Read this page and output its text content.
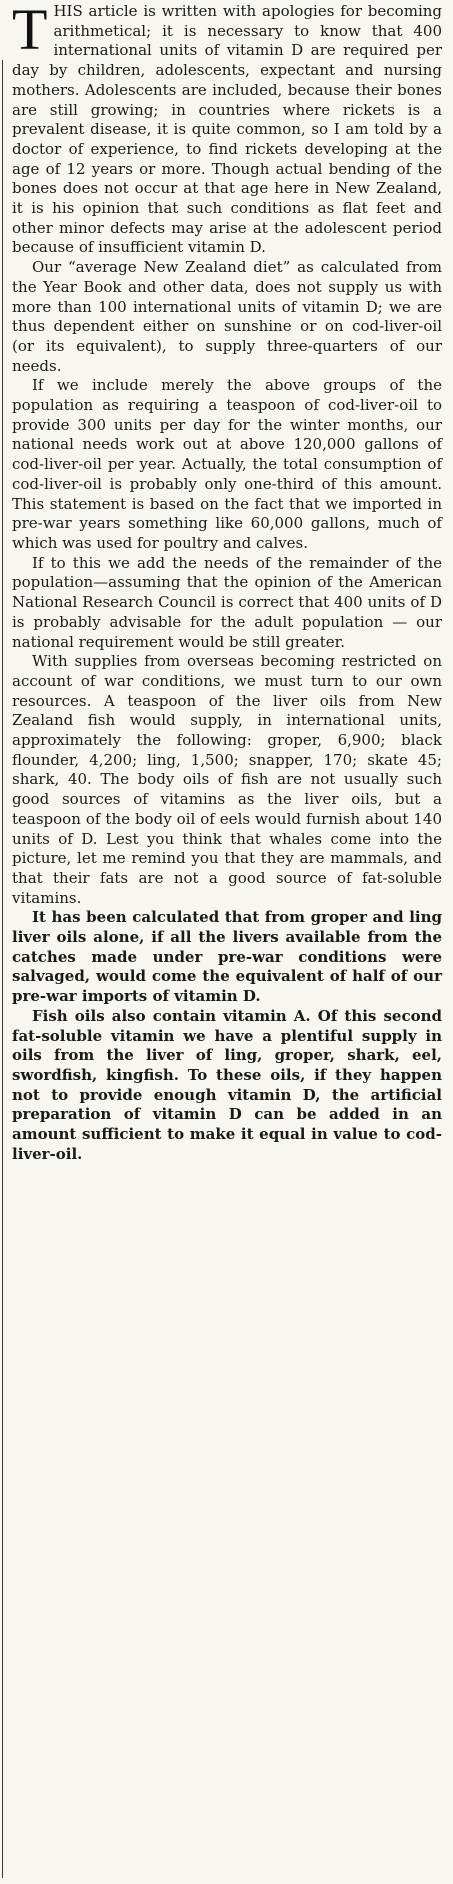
THIS article is written with apologies for becoming arithmetical; it is necessary to know that 400 international units of vitamin D are required per day by children, adolescents, expectant and nursing mothers. Adolescents are included, because their bones are still growing; in countries where rickets is a prevalent disease, it is quite common, so I am told by a doctor of experience, to find rickets developing at the age of 12 years or more. Though actual bending of the bones does not occur at that age here in New Zealand, it is his opinion that such conditions as flat feet and other minor defects may arise at the adolescent period because of insufficient vitamin D.

Our “average New Zealand diet” as calculated from the Year Book and other data, does not supply us with more than 100 international units of vitamin D; we are thus dependent either on sunshine or on cod-liver-oil (or its equivalent), to supply three-quarters of our needs.

If we include merely the above groups of the population as requiring a teaspoon of cod-liver-oil to provide 300 units per day for the winter months, our national needs work out at above 120,000 gallons of cod-liver-oil per year. Actually, the total consumption of cod-liver-oil is probably only one-third of this amount. This statement is based on the fact that we imported in pre-war years something like 60,000 gallons, much of which was used for poultry and calves.

If to this we add the needs of the remainder of the population—assuming that the opinion of the American National Research Council is correct that 400 units of D is probably advisable for the adult population — our national requirement would be still greater.

With supplies from overseas becoming restricted on account of war conditions, we must turn to our own resources. A teaspoon of the liver oils from New Zealand fish would supply, in international units, approximately the following: groper, 6,900; black flounder, 4,200; ling, 1,500; snapper, 170; skate 45; shark, 40. The body oils of fish are not usually such good sources of vitamins as the liver oils, but a teaspoon of the body oil of eels would furnish about 140 units of D. Lest you think that whales come into the picture, let me remind you that they are mammals, and that their fats are not a good source of fat-soluble vitamins.

It has been calculated that from groper and ling liver oils alone, if all the livers available from the catches made under pre-war conditions were salvaged, would come the equivalent of half of our pre-war imports of vitamin D.

Fish oils also contain vitamin A. Of this second fat-soluble vitamin we have a plentiful supply in oils from the liver of ling, groper, shark, eel, swordfish, kingfish. To these oils, if they happen not to provide enough vitamin D, the artificial preparation of vitamin D can be added in an amount sufficient to make it equal in value to cod-liver-oil.
